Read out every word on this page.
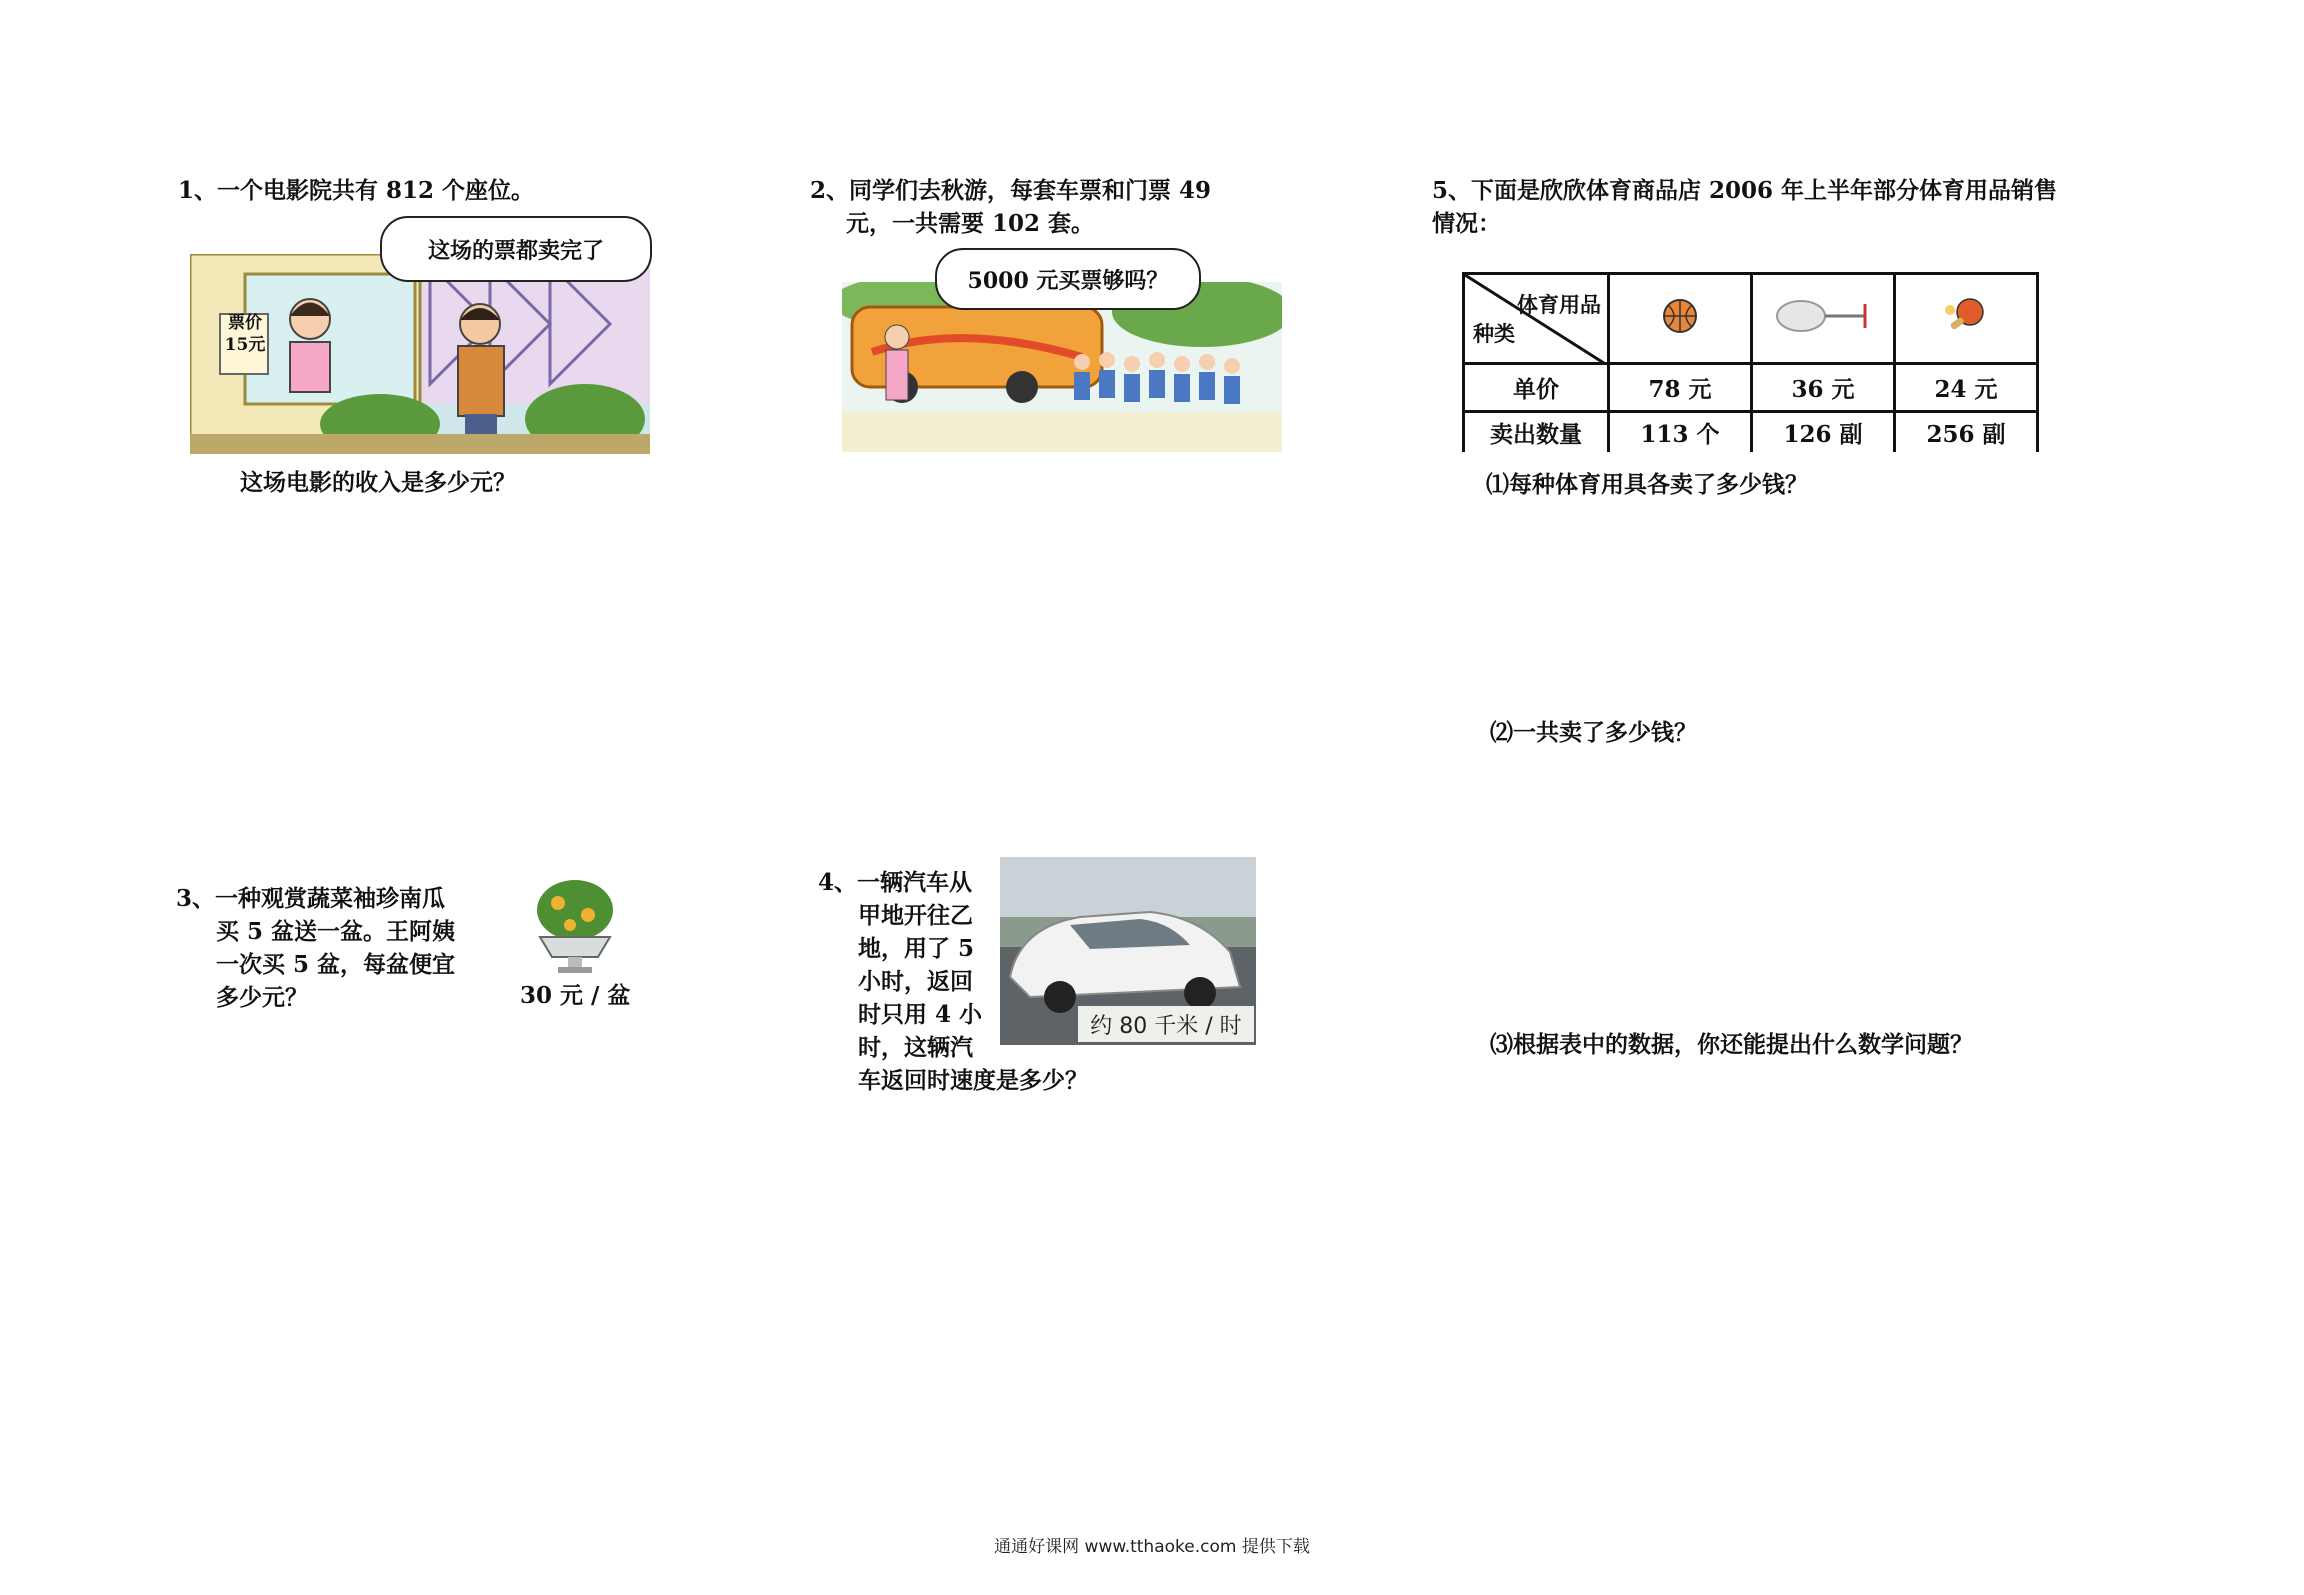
1、一个电影院共有 812 个座位。
票价
15元
这场的票都卖完了
这场电影的收入是多少元？
2、同学们去秋游，每套车票和门票 49
元，一共需要 102 套。
5000 元买票够吗？
3、一种观赏蔬菜袖珍南瓜
买 5 盆送一盆。王阿姨
一次买 5 盆，每盆便宜
多少元？	30 元 / 盆
4、一辆汽车从
甲地开往乙
地，用了 5
小时，返回
时只用 4 小
时，这辆汽
车返回时速度是多少？
约 80 千米 / 时
5、下面是欣欣体育商品店 2006 年上半年部分体育用品销售
情况：
体育用品
种类

单价	78 元	36 元	24 元
卖出数量	113 个	126 副	256 副
⑴每种体育用具各卖了多少钱？
⑵一共卖了多少钱？
⑶根据表中的数据，你还能提出什么数学问题？
通通好课网 www.tthaoke.com 提供下载
